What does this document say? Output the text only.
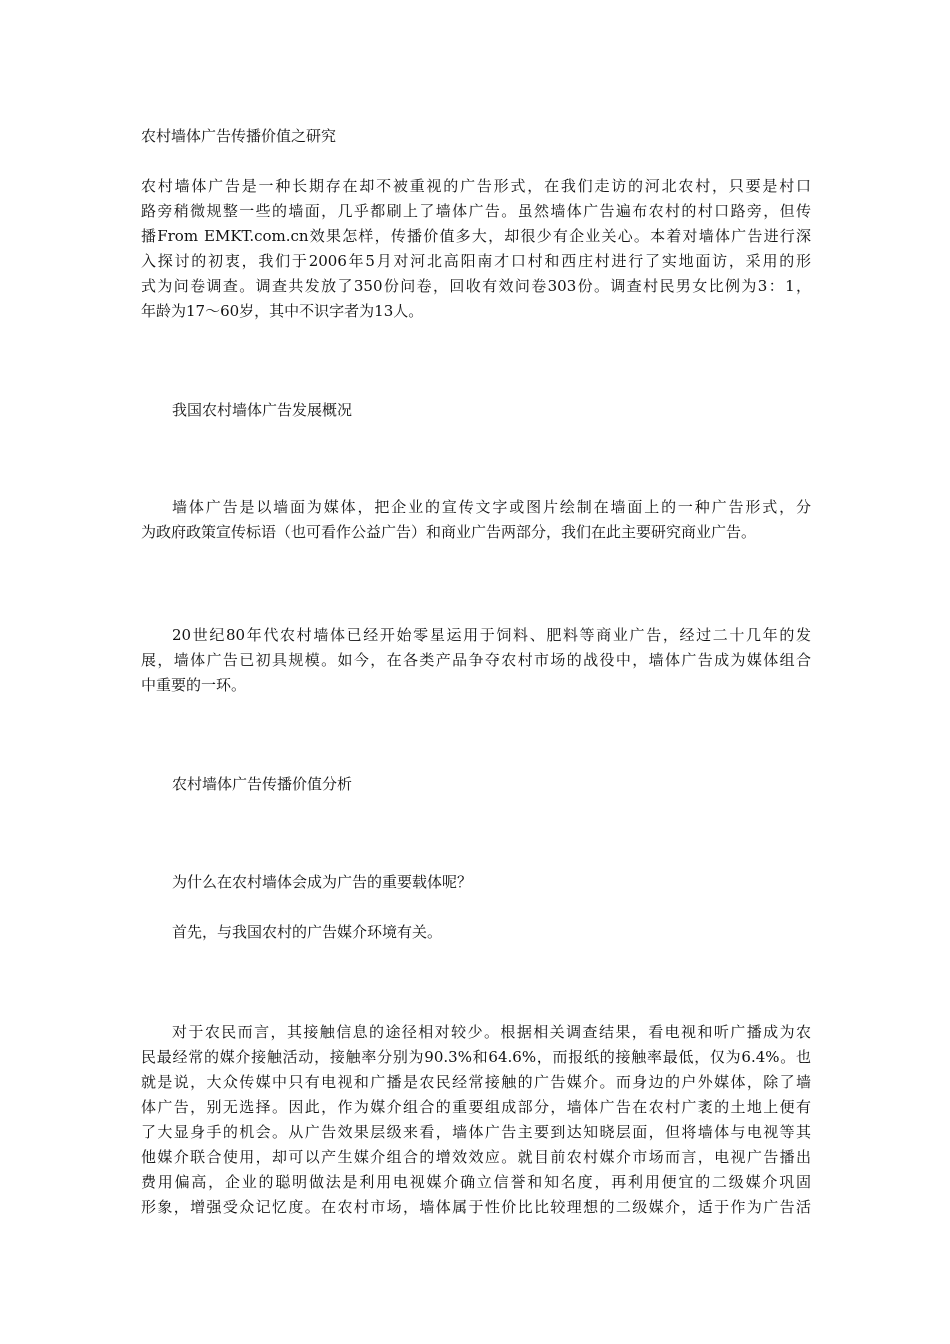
农村墙体广告传播价值之研究
农村墙体广告是一种长期存在却不被重视的广告形式，在我们走访的河北农村，只要是村口
路旁稍微规整一些的墙面，几乎都刷上了墙体广告。虽然墙体广告遍布农村的村口路旁，但传
播From EMKT.com.cn效果怎样，传播价值多大，却很少有企业关心。本着对墙体广告进行深
入探讨的初衷，我们于2006年5月对河北高阳南才口村和西庄村进行了实地面访，采用的形
式为问卷调查。调查共发放了350份问卷，回收有效问卷303份。调查村民男女比例为3：1，
年龄为17～60岁，其中不识字者为13人。
我国农村墙体广告发展概况
墙体广告是以墙面为媒体，把企业的宣传文字或图片绘制在墙面上的一种广告形式，分
为政府政策宣传标语（也可看作公益广告）和商业广告两部分，我们在此主要研究商业广告。
20世纪80年代农村墙体已经开始零星运用于饲料、肥料等商业广告，经过二十几年的发
展，墙体广告已初具规模。如今，在各类产品争夺农村市场的战役中，墙体广告成为媒体组合
中重要的一环。
农村墙体广告传播价值分析
为什么在农村墙体会成为广告的重要载体呢？
首先，与我国农村的广告媒介环境有关。
对于农民而言，其接触信息的途径相对较少。根据相关调查结果，看电视和听广播成为农
民最经常的媒介接触活动，接触率分别为90.3%和64.6%，而报纸的接触率最低，仅为6.4%。也
就是说，大众传媒中只有电视和广播是农民经常接触的广告媒介。而身边的户外媒体，除了墙
体广告，别无选择。因此，作为媒介组合的重要组成部分，墙体广告在农村广袤的土地上便有
了大显身手的机会。从广告效果层级来看，墙体广告主要到达知晓层面，但将墙体与电视等其
他媒介联合使用，却可以产生媒介组合的增效效应。就目前农村媒介市场而言，电视广告播出
费用偏高，企业的聪明做法是利用电视媒介确立信誉和知名度，再利用便宜的二级媒介巩固
形象，增强受众记忆度。在农村市场，墙体属于性价比比较理想的二级媒介，适于作为广告活
